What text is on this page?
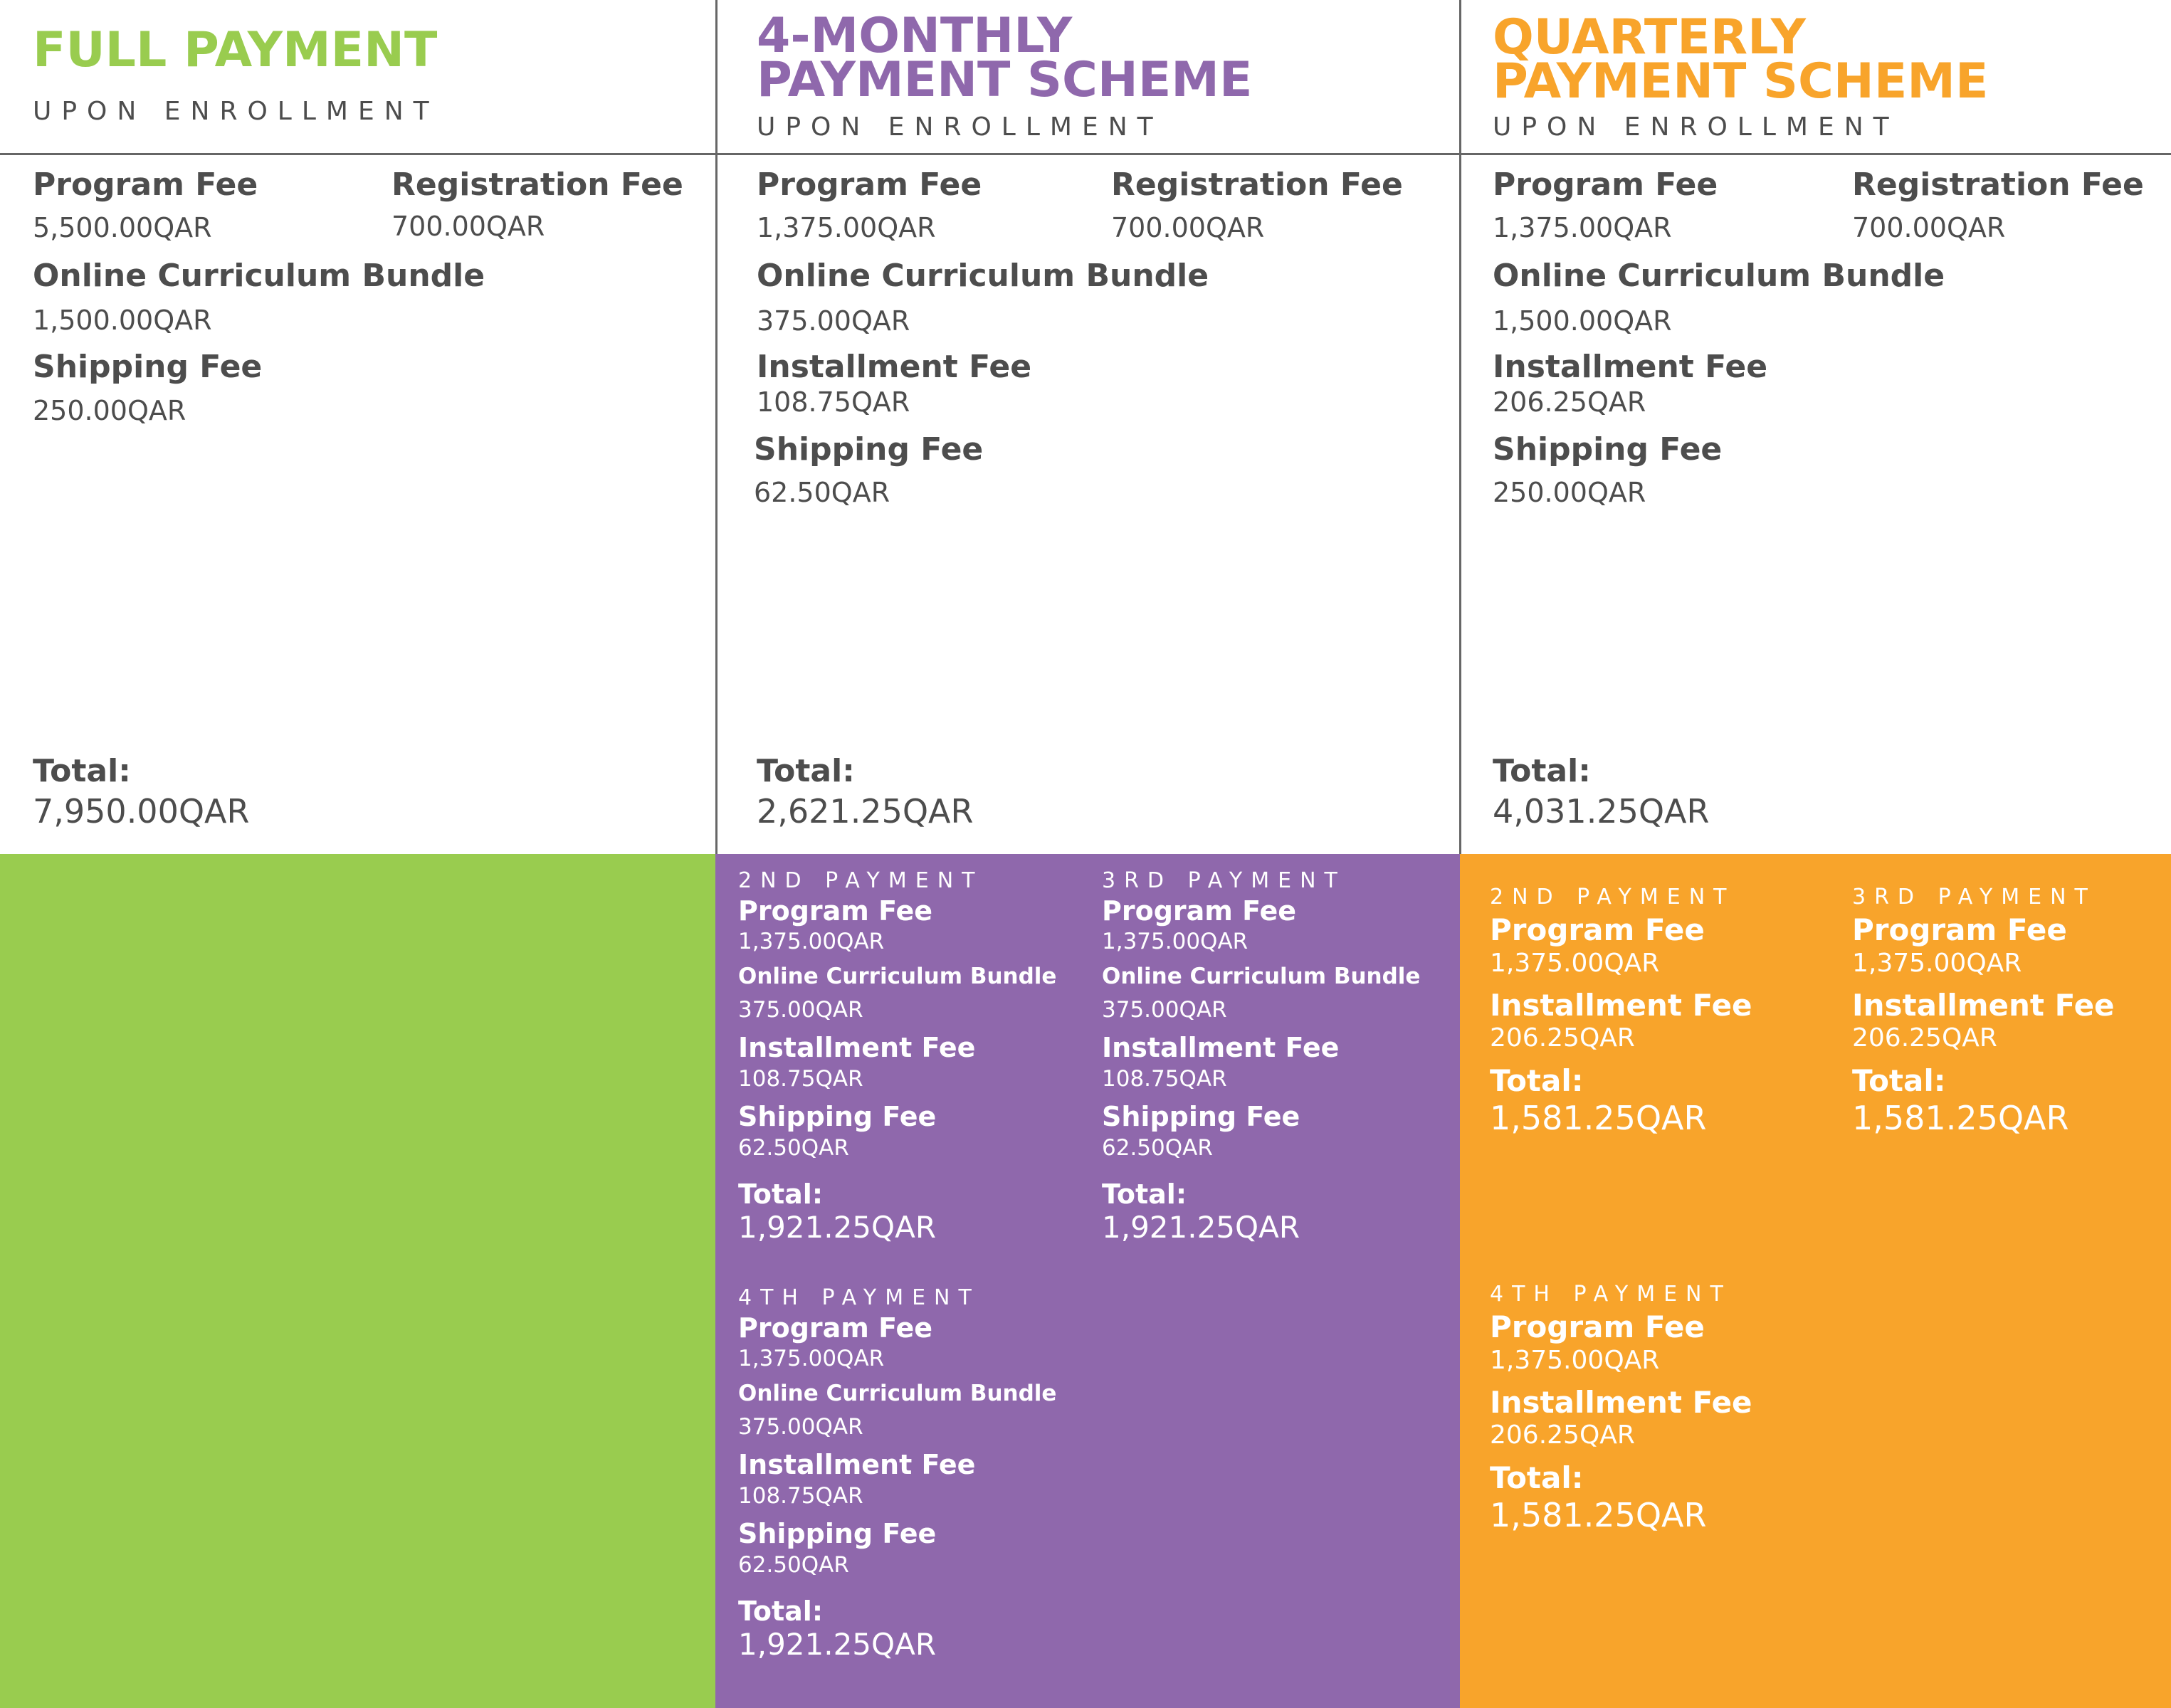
FULL PAYMENT
UPON ENROLLMENT
Program Fee
5,500.00QAR
Registration Fee
700.00QAR
Online Curriculum Bundle
1,500.00QAR
Shipping Fee
250.00QAR
Total:
7,950.00QAR
4-MONTHLY
PAYMENT SCHEME
UPON ENROLLMENT
Program Fee
1,375.00QAR
Registration Fee
700.00QAR
Online Curriculum Bundle
375.00QAR
Installment Fee
108.75QAR
Shipping Fee
62.50QAR
Total:
2,621.25QAR
2ND PAYMENT
Program Fee
1,375.00QAR
Online Curriculum Bundle
375.00QAR
Installment Fee
108.75QAR
Shipping Fee
62.50QAR
Total:
1,921.25QAR
3RD PAYMENT
Program Fee
1,375.00QAR
Online Curriculum Bundle
375.00QAR
Installment Fee
108.75QAR
Shipping Fee
62.50QAR
Total:
1,921.25QAR
4TH PAYMENT
Program Fee
1,375.00QAR
Online Curriculum Bundle
375.00QAR
Installment Fee
108.75QAR
Shipping Fee
62.50QAR
Total:
1,921.25QAR
QUARTERLY
PAYMENT SCHEME
UPON ENROLLMENT
Program Fee
1,375.00QAR
Registration Fee
700.00QAR
Online Curriculum Bundle
1,500.00QAR
Installment Fee
206.25QAR
Shipping Fee
250.00QAR
Total:
4,031.25QAR
2ND PAYMENT
Program Fee
1,375.00QAR
Installment Fee
206.25QAR
Total:
1,581.25QAR
3RD PAYMENT
Program Fee
1,375.00QAR
Installment Fee
206.25QAR
Total:
1,581.25QAR
4TH PAYMENT
Program Fee
1,375.00QAR
Installment Fee
206.25QAR
Total:
1,581.25QAR
